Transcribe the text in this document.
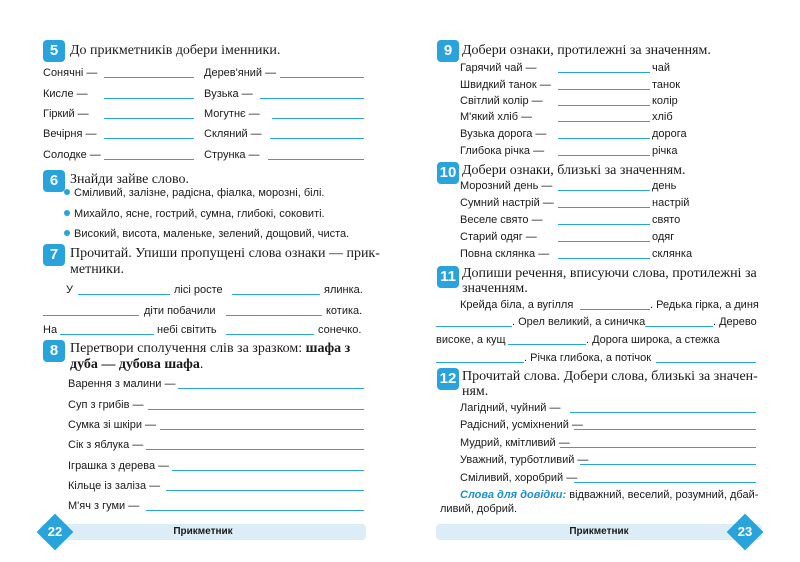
5 До прикметників добери іменники.
Сонячні —	Дерев'яний —
Кисле —	Вузька —
Гіркий —	Могутнє —
Вечірня —	Скляний —
Солодке —	Стрункa —
6 Знайди зайве слово.
Сміливий, залізне, радісна, фіалка, морозні, білі.
Михайло, ясне, гострий, сумна, глибокі, соковиті.
Високий, висота, маленьке, зелений, дощовий, чиста.
7 Прочитай. Упиши пропущені слова ознаки — прик-
метники.
У	лісі росте	ялинка.
діти побачили	котика.
На	небі світить	сонечко.
8 Перетвори сполучення слів за зразком: шафа з
дуба — дубова шафа.
Варення з малини —
Суп з грибів —
Сумка зі шкіри —
Сік з яблука —
Іграшка з дерева —
Кільце із заліза —
М'яч з гуми —
Прикметник
22
9 Добери ознаки, протилежні за значенням.
10 Добери ознаки, близькі за значенням.
Гарячий чай —	чай
Швидкий танок —	танок
Світлий колір —	колір
М'який хліб —	хліб
Вузька дорога —	дорога
Глибока річка —	річка
Морозний день —	день
Сумний настрій —	настрій
Веселе свято —	свято
Старий одяг —	одяг
Повна склянка —	склянка
11 Допиши речення, вписуючи слова, протилежні за
значенням.
Крейда біла, а вугілля	. Редька гірка, а диня
. Орел великий, а синичка	. Дерево
високе, а кущ	. Дорога широка, а стежка
. Річка глибока, а потічок
12 Прочитай слова. Добери слова, близькі за значен-
ням.
Лагідний, чуйний —
Радісний, усміхнений —
Мудрий, кмітливий —
Уважний, турботливий —
Сміливий, хоробрий —
Слова для довідки: відважний, веселий, розумний, дбай-
ливий, добрий.
Прикметник	23
